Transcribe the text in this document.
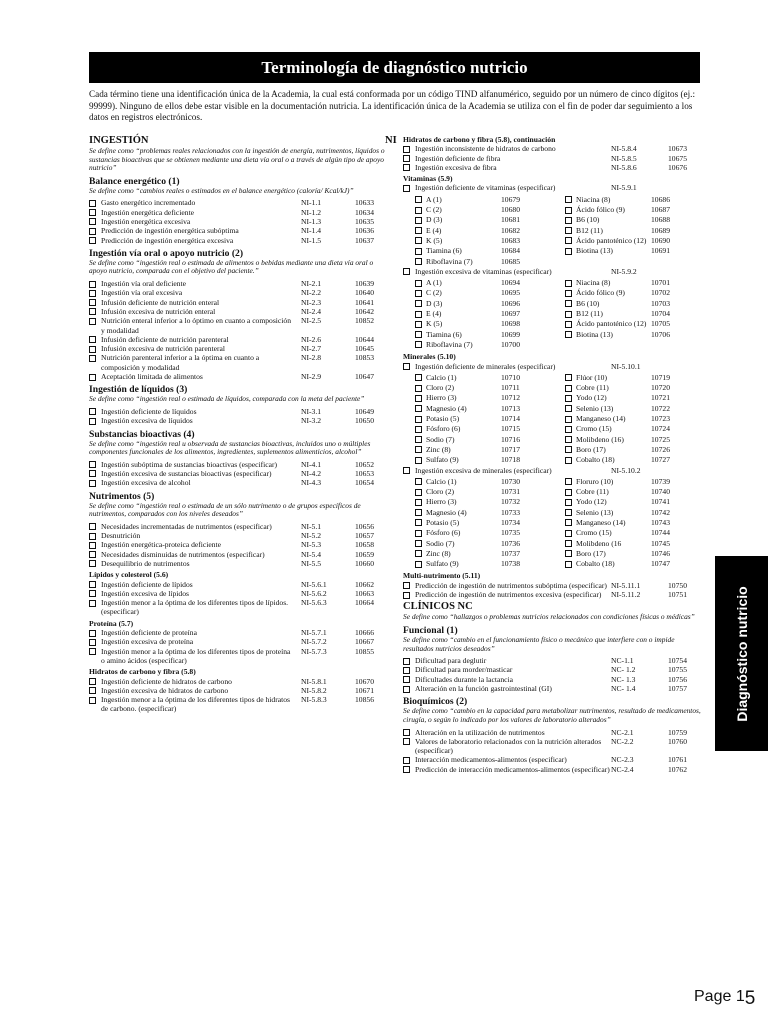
Terminología de diagnóstico nutricio
Cada término tiene una identificación única de la Academia, la cual está conformada por un código TIND alfanumérico, seguido por un número de cinco dígitos (ej.: 99999). Ninguno de ellos debe estar visible en la documentación nutricia. La identificación única de la Academia se utiliza con el fin de poder dar seguimiento a los datos en registros electrónicos.
INGESTIÓN	NI
Se define como “problemas reales relacionados con la ingestión de energía, nutrimentos, líquidos o sustancias bioactivas que se obtienen mediante una dieta vía oral o a través de algún tipo de apoyo nutricio”
Balance energético (1)
Se define como “cambios reales o estimados en el balance energético (caloría/ Kcal/kJ)”
Gasto energético incrementado	NI-1.1	10633
Ingestión energética deficiente	NI-1.2	10634
Ingestión energética excesiva	NI-1.3	10635
Predicción de ingestión energética subóptima	NI-1.4	10636
Predicción de ingestión energética excesiva	NI-1.5	10637
Ingestión vía oral o apoyo nutricio (2)
Se define como “ingestión real o estimada de alimentos o bebidas mediante una dieta vía oral o apoyo nutricio, comparada con el objetivo del paciente.”
Ingestión vía oral deficiente	NI-2.1	10639
Ingestión vía oral excesiva	NI-2.2	10640
Infusión deficiente de nutrición enteral	NI-2.3	10641
Infusión excesiva de nutrición enteral	NI-2.4	10642
Nutrición enteral inferior a lo óptimo en cuanto a composición y modalidad
NI-2.5	10852
Infusión deficiente de nutrición parenteral	NI-2.6	10644
Infusión excesiva de nutrición parenteral	NI-2.7	10645
Nutrición parenteral inferior a la óptima en cuanto a composición y modalidad
NI-2.8	10853
Aceptación limitada de alimentos	NI-2.9	10647
Ingestión de líquidos (3)
Se define como “ingestión real o estimada de líquidos, comparada con la meta del paciente”
Ingestión deficiente de líquidos	NI-3.1	10649
Ingestión excesiva de líquidos	NI-3.2	10650
Substancias bioactivas (4)
Se define como “ingestión real u observada de sustancias bioactivas, incluidos uno o múltiples componentes funcionales de los alimentos, ingredientes, suplementos alimenticios, alcohol”
Ingestión subóptima de sustancias bioactivas (especificar)	NI-4.1	10652
Ingestión excesiva de sustancias bioactivas (especificar)	NI-4.2	10653
Ingestión excesiva de alcohol	NI-4.3	10654
Nutrimentos (5)
Se define como “ingestión real o estimada de un sólo nutrimento o de grupos específicos de nutrimentos, comparados con los niveles deseados”
Necesidades incrementadas de nutrimentos (especificar)	NI-5.1	10656
Desnutrición	NI-5.2	10657
Ingestión energética-proteica deficiente	NI-5.3	10658
Necesidades disminuidas de nutrimentos (especificar)	NI-5.4	10659
Desequilibrio de nutrimentos	NI-5.5	10660
Lípidos y colesterol (5.6)
Ingestión deficiente de lípidos	NI-5.6.1	10662
Ingestión excesiva de lípidos	NI-5.6.2	10663
Ingestión menor a la óptima de los diferentes tipos de lípidos. (especificar)
NI-5.6.3	10664
Proteína (5.7)
Ingestión deficiente de proteína	NI-5.7.1	10666
Ingestión excesiva de proteína	NI-5.7.2	10667
Ingestión menor a la óptima de los diferentes tipos de proteína o amino ácidos (especificar)
NI-5.7.3	10855
Hidratos de carbono y fibra (5.8)
Ingestión deficiente de hidratos de carbono	NI-5.8.1	10670
Ingestión excesiva de hidratos de carbono	NI-5.8.2	10671
Ingestión menor a la óptima de los diferentes tipos de hidratos de carbono. (especificar)
NI-5.8.3	10856
Hidratos de carbono y fibra (5.8), continuación
Ingestión inconsistente de hidratos de carbono	NI-5.8.4	10673
Ingestión deficiente de fibra	NI-5.8.5	10675
Ingestión excesiva de fibra	NI-5.8.6	10676
Vitaminas (5.9)
Ingestión deficiente de vitaminas (especificar)	NI-5.9.1
A (1)	10679	Niacina (8)	10686
C (2)	10680	Ácido fólico (9)	10687
D (3)	10681	B6 (10)	10688
E (4)	10682	B12 (11)	10689
K (5)	10683	Ácido pantoténico (12) 10690
Tiamina (6)	10684	Biotina (13)	10691
Riboflavina (7)	10685
Ingestión excesiva de vitaminas (especificar)	NI-5.9.2
A (1)	10694	Niacina (8)	10701
C (2)	10695	Ácido fólico (9)	10702
D (3)	10696	B6 (10)	10703
E (4)	10697	B12 (11)	10704
K (5)	10698	Ácido pantoténico (12) 10705
Tiamina (6)	10699	Biotina (13)	10706
Riboflavina (7)	10700
Minerales (5.10)
Ingestión deficiente de minerales (especificar)	NI-5.10.1
Calcio (1)	10710	Flúor (10)	10719
Cloro (2)	10711	Cobre (11)	10720
Hierro (3)	10712	Yodo (12)	10721
Magnesio (4)	10713	Selenio (13)	10722
Potasio (5)	10714	Manganeso (14)	10723
Fósforo (6)	10715	Cromo (15)	10724
Sodio (7)	10716	Molibdeno (16)	10725
Zinc (8)	10717	Boro (17)	10726
Sulfato (9)	10718	Cobalto (18)	10727
Ingestión excesiva de minerales (especificar)	NI-5.10.2
Calcio (1)	10730	Floruro (10)	10739
Cloro (2)	10731	Cobre (11)	10740
Hierro (3)	10732	Yodo (12)	10741
Magnesio (4)	10733	Selenio (13)	10742
Potasio (5)	10734	Manganeso (14)	10743
Fósforo (6)	10735	Cromo (15)	10744
Sodio (7)	10736	Molibdeno (16	10745
Zinc (8)	10737	Boro (17)	10746
Sulfato (9)	10738	Cobalto (18)	10747
Multi-nutrimento (5.11)
Predicción de ingestión de nutrimentos subóptima (especificar) NI-5.11.1	10750
Predicción de ingestión de nutrimentos excesiva (especificar)	NI-5.11.2	10751
CLÍNICOS NC
Se define como “hallazgos o problemas nutricios relacionados con condiciones físicas o médicas”
Funcional (1)
Se define como “cambio en el funcionamiento físico o mecánico que interfiere con o impide resultados nutricios deseados”
Dificultad para deglutir	NC-1.1	10754
Dificultad para morder/masticar	NC- 1.2	10755
Dificultades durante la lactancia	NC- 1.3	10756
Alteración en la función gastrointestinal (GI)	NC- 1.4	10757
Bioquímicos (2)
Se define como “cambio en la capacidad para metabolizar nutrimentos, resultado de medicamentos, cirugía, o según lo indicado por los valores de laboratorio alterados”
Alteración en la utilización de nutrimentos	NC-2.1	10759
Valores de laboratorio relacionados con la nutrición alterados (especificar)
NC-2.2	10760
Interacción medicamentos-alimentos (especificar)	NC-2.3	10761
Predicción de interacción medicamentos-alimentos (especificar) NC-2.4	10762
Diagnóstico nutricio
Page 15
